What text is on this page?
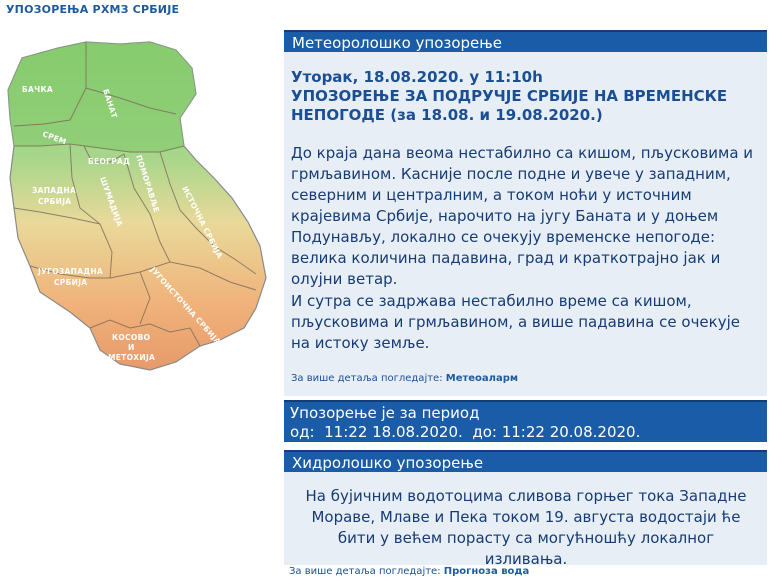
УПОЗОРЕЊА РХМЗ СРБИЈЕ
БАЧКА	БАНАТ
СРЕМ
БЕОГРАД
ЗАПАДНА
СРБИЈА	ШУМАДИЈА ПОМОРАВЉЕ
ИСТОЧНА СРБИЈА
ЈУГОЗАПАДНА
СРБИЈА	ЈУГОИСТОЧНА СРБИЈА
КОСОВО
И
МЕТОХИЈА
Метеоролошко упозорење
Уторак, 18.08.2020. у 11:10h
УПОЗОРЕЊЕ ЗА ПОДРУЧЈЕ СРБИЈЕ НА ВРЕМЕНСКЕ НЕПОГОДЕ (за 18.08. и 19.08.2020.)
До краја дана веома нестабилно са кишом, пљусковима и грмљавином. Касније после подне и увече у западним, северним и централним, а током ноћи у источним крајевима Србије, нарочито на југу Баната и у доњем Подунављу, локално се очекују временске непогоде: велика количина падавина, град и краткотрајно јак и олујни ветар.
И сутра се задржава нестабилно време са кишом, пљусковима и грмљавином, а више падавина се очекује на истоку земље.
За више детаља погледајте: Метеоаларм
Упозорење је за период
од:  11:22 18.08.2020.  до: 11:22 20.08.2020.
Хидролошко упозорење
На бујичним водотоцима сливова горњег тока Западне Мораве, Млаве и Пека током 19. августа водостаји ће бити у већем порасту са могућношћу локалног изливања.
За више детаља погледајте: Прогноза вода
